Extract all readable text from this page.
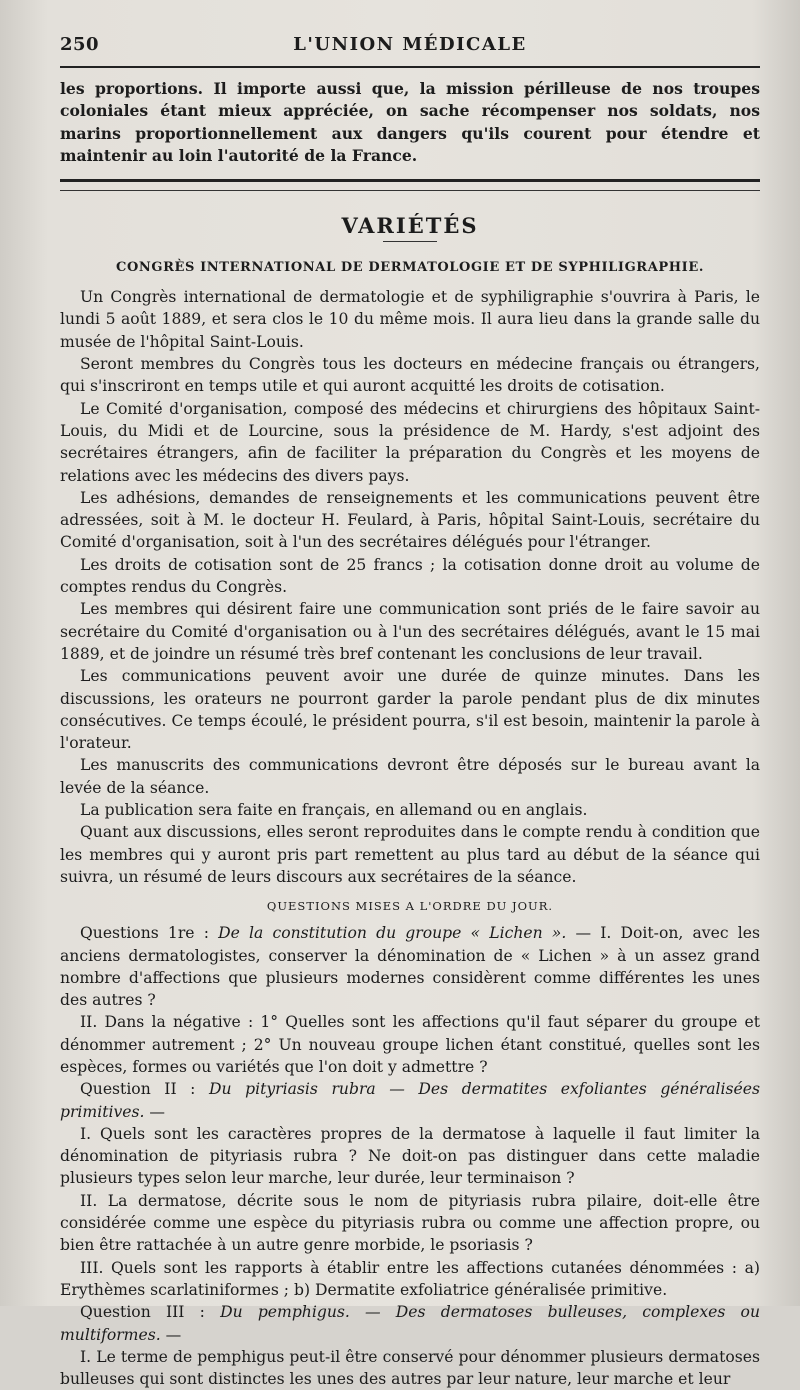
250	L'UNION MÉDICALE

les proportions. Il importe aussi que, la mission périlleuse de nos troupes coloniales étant mieux appréciée, on sache récompenser nos soldats, nos marins proportionnellement aux dangers qu'ils courent pour étendre et maintenir au loin l'autorité de la France.

VARIÉTÉS
CONGRÈS INTERNATIONAL DE DERMATOLOGIE ET DE SYPHILIGRAPHIE.

Un Congrès international de dermatologie et de syphiligraphie s'ouvrira à Paris, le lundi 5 août 1889, et sera clos le 10 du même mois. Il aura lieu dans la grande salle du musée de l'hôpital Saint-Louis.

Seront membres du Congrès tous les docteurs en médecine français ou étrangers, qui s'inscriront en temps utile et qui auront acquitté les droits de cotisation.

Le Comité d'organisation, composé des médecins et chirurgiens des hôpitaux Saint-Louis, du Midi et de Lourcine, sous la présidence de M. Hardy, s'est adjoint des secrétaires étrangers, afin de faciliter la préparation du Congrès et les moyens de relations avec les médecins des divers pays.

Les adhésions, demandes de renseignements et les communications peuvent être adressées, soit à M. le docteur H. Feulard, à Paris, hôpital Saint-Louis, secrétaire du Comité d'organisation, soit à l'un des secrétaires délégués pour l'étranger.

Les droits de cotisation sont de 25 francs ; la cotisation donne droit au volume de comptes rendus du Congrès.

Les membres qui désirent faire une communication sont priés de le faire savoir au secrétaire du Comité d'organisation ou à l'un des secrétaires délégués, avant le 15 mai 1889, et de joindre un résumé très bref contenant les conclusions de leur travail.

Les communications peuvent avoir une durée de quinze minutes. Dans les discussions, les orateurs ne pourront garder la parole pendant plus de dix minutes consécutives. Ce temps écoulé, le président pourra, s'il est besoin, maintenir la parole à l'orateur.

Les manuscrits des communications devront être déposés sur le bureau avant la levée de la séance.

La publication sera faite en français, en allemand ou en anglais.

Quant aux discussions, elles seront reproduites dans le compte rendu à condition que les membres qui y auront pris part remettent au plus tard au début de la séance qui suivra, un résumé de leurs discours aux secrétaires de la séance.

QUESTIONS MISES A L'ORDRE DU JOUR.

Questions 1re : De la constitution du groupe « Lichen ». — I. Doit-on, avec les anciens dermatologistes, conserver la dénomination de « Lichen » à un assez grand nombre d'affections que plusieurs modernes considèrent comme différentes les unes des autres ?

II. Dans la négative : 1° Quelles sont les affections qu'il faut séparer du groupe et dénommer autrement ; 2° Un nouveau groupe lichen étant constitué, quelles sont les espèces, formes ou variétés que l'on doit y admettre ?

Question II : Du pityriasis rubra — Des dermatites exfoliantes généralisées primitives. —

I. Quels sont les caractères propres de la dermatose à laquelle il faut limiter la dénomination de pityriasis rubra ? Ne doit-on pas distinguer dans cette maladie plusieurs types selon leur marche, leur durée, leur terminaison ?

II. La dermatose, décrite sous le nom de pityriasis rubra pilaire, doit-elle être considérée comme une espèce du pityriasis rubra ou comme une affection propre, ou bien être rattachée à un autre genre morbide, le psoriasis ?

III. Quels sont les rapports à établir entre les affections cutanées dénommées : a) Erythèmes scarlatiniformes ; b) Dermatite exfoliatrice généralisée primitive.

Question III : Du pemphigus. — Des dermatoses bulleuses, complexes ou multiformes. —

I. Le terme de pemphigus peut-il être conservé pour dénommer plusieurs dermatoses bulleuses qui sont distinctes les unes des autres par leur nature, leur marche et leur
